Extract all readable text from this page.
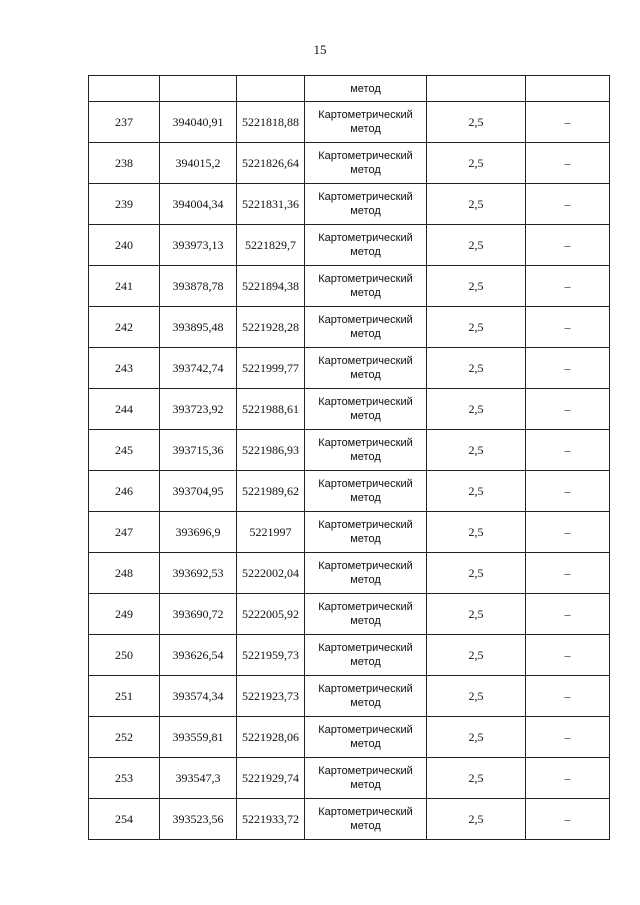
15
			метод		
237	394040,91	5221818,88	Картометрический метод	2,5	–
238	394015,2	5221826,64	Картометрический метод	2,5	–
239	394004,34	5221831,36	Картометрический метод	2,5	–
240	393973,13	5221829,7	Картометрический метод	2,5	–
241	393878,78	5221894,38	Картометрический метод	2,5	–
242	393895,48	5221928,28	Картометрический метод	2,5	–
243	393742,74	5221999,77	Картометрический метод	2,5	–
244	393723,92	5221988,61	Картометрический метод	2,5	–
245	393715,36	5221986,93	Картометрический метод	2,5	–
246	393704,95	5221989,62	Картометрический метод	2,5	–
247	393696,9	5221997	Картометрический метод	2,5	–
248	393692,53	5222002,04	Картометрический метод	2,5	–
249	393690,72	5222005,92	Картометрический метод	2,5	–
250	393626,54	5221959,73	Картометрический метод	2,5	–
251	393574,34	5221923,73	Картометрический метод	2,5	–
252	393559,81	5221928,06	Картометрический метод	2,5	–
253	393547,3	5221929,74	Картометрический метод	2,5	–
254	393523,56	5221933,72	Картометрический метод	2,5	–
